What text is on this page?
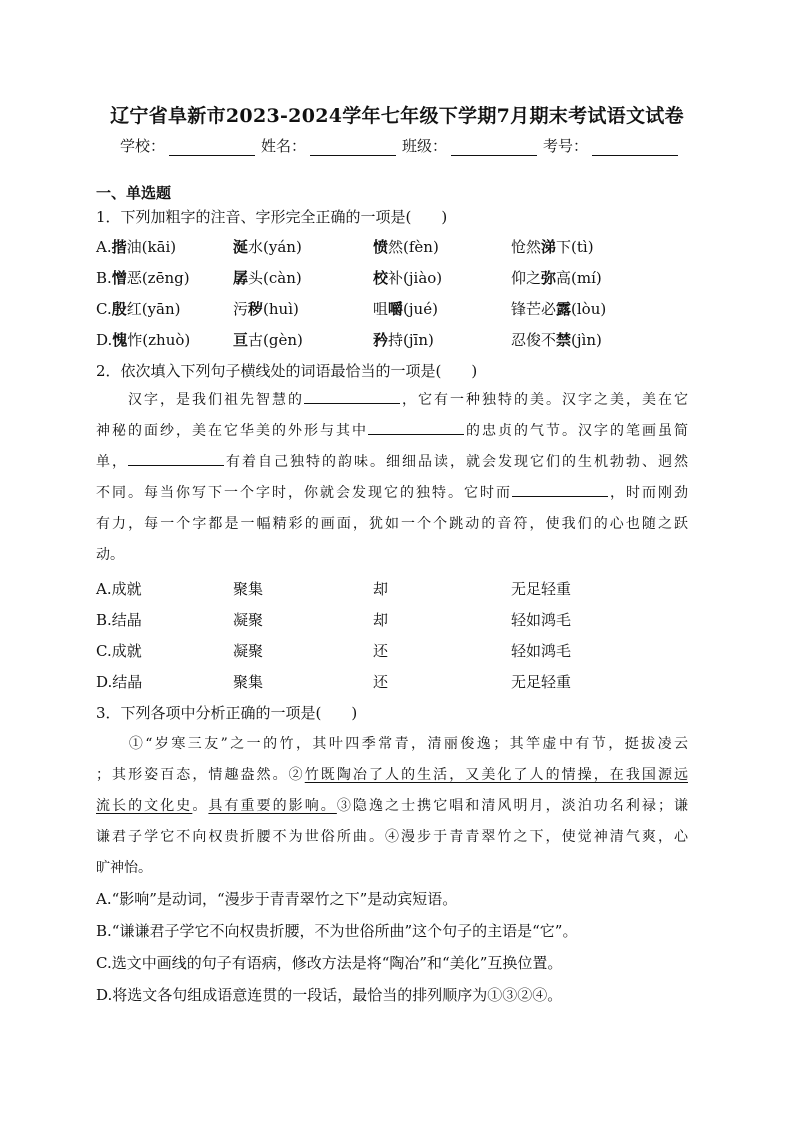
辽宁省阜新市2023-2024学年七年级下学期7月期末考试语文试卷
学校：	姓名：	班级：	考号：
一、单选题
1．下列加粗字的注音、字形完全正确的一项是(　　)
A.揩油(kāi)	涎水(yán)	愤然(fèn)	怆然涕下(tì)
B.憎恶(zēng)	孱头(càn)	校补(jiào)	仰之弥高(mí)
C.殷红(yān)	污秽(huì)	咀嚼(jué)	锋芒必露(lòu)
D.愧怍(zhuò)	亘古(gèn)	矜持(jīn)	忍俊不禁(jìn)
2．依次填入下列句子横线处的词语最恰当的一项是(　　)
　　汉字，是我们祖先智慧的	，它有一种独特的美。汉字之美，美在它
神秘的面纱，美在它华美的外形与其中	的忠贞的气节。汉字的笔画虽简
单，	有着自己独特的韵味。细细品读，就会发现它们的生机勃勃、迥然
不同。每当你写下一个字时，你就会发现它的独特。它时而	，时而刚劲
有力，每一个字都是一幅精彩的画面，犹如一个个跳动的音符，使我们的心也随之跃
动。
A.成就	聚集	却	无足轻重
B.结晶	凝聚	却	轻如鸿毛
C.成就	凝聚	还	轻如鸿毛
D.结晶	聚集	还	无足轻重
3．下列各项中分析正确的一项是(　　)
　　①“岁寒三友”之一的竹，其叶四季常青，清丽俊逸；其竿虚中有节，挺拔凌云
；其形姿百态，情趣盎然。②竹既陶冶了人的生活，又美化了人的情操，在我国源远
流长的文化史。具有重要的影响。③隐逸之士携它唱和清风明月，淡泊功名利禄；谦
谦君子学它不向权贵折腰不为世俗所曲。④漫步于青青翠竹之下，使觉神清气爽，心
旷神怡。
A.“影响”是动词，“漫步于青青翠竹之下”是动宾短语。
B.“谦谦君子学它不向权贵折腰，不为世俗所曲”这个句子的主语是“它”。
C.选文中画线的句子有语病，修改方法是将“陶冶”和“美化”互换位置。
D.将选文各句组成语意连贯的一段话，最恰当的排列顺序为①③②④。
